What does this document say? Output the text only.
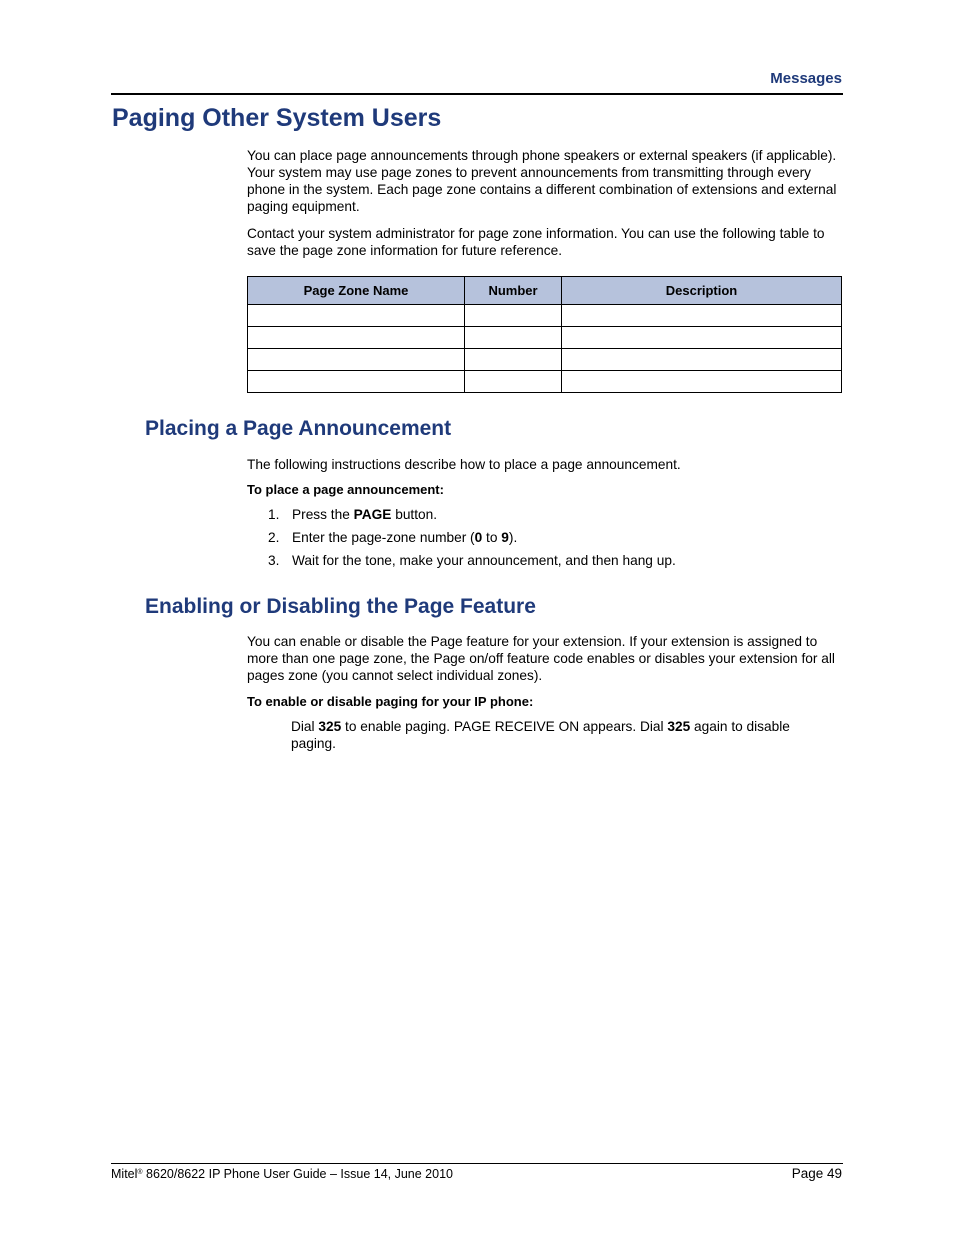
Messages
Paging Other System Users

You can place page announcements through phone speakers or external speakers (if applicable). Your system may use page zones to prevent announcements from transmitting through every phone in the system. Each page zone contains a different combination of extensions and external paging equipment.

Contact your system administrator for page zone information. You can use the following table to save the page zone information for future reference.

Page Zone Name	Number	Description

Placing a Page Announcement

The following instructions describe how to place a page announcement.

To place a page announcement:
1. Press the PAGE button.
2. Enter the page-zone number (0 to 9).
3. Wait for the tone, make your announcement, and then hang up.
Enabling or Disabling the Page Feature

You can enable or disable the Page feature for your extension. If your extension is assigned to more than one page zone, the Page on/off feature code enables or disables your extension for all pages zone (you cannot select individual zones).

To enable or disable paging for your IP phone:

Dial 325 to enable paging. PAGE RECEIVE ON appears. Dial 325 again to disable paging.

Mitel® 8620/8622 IP Phone User Guide – Issue 14, June 2010	Page 49
